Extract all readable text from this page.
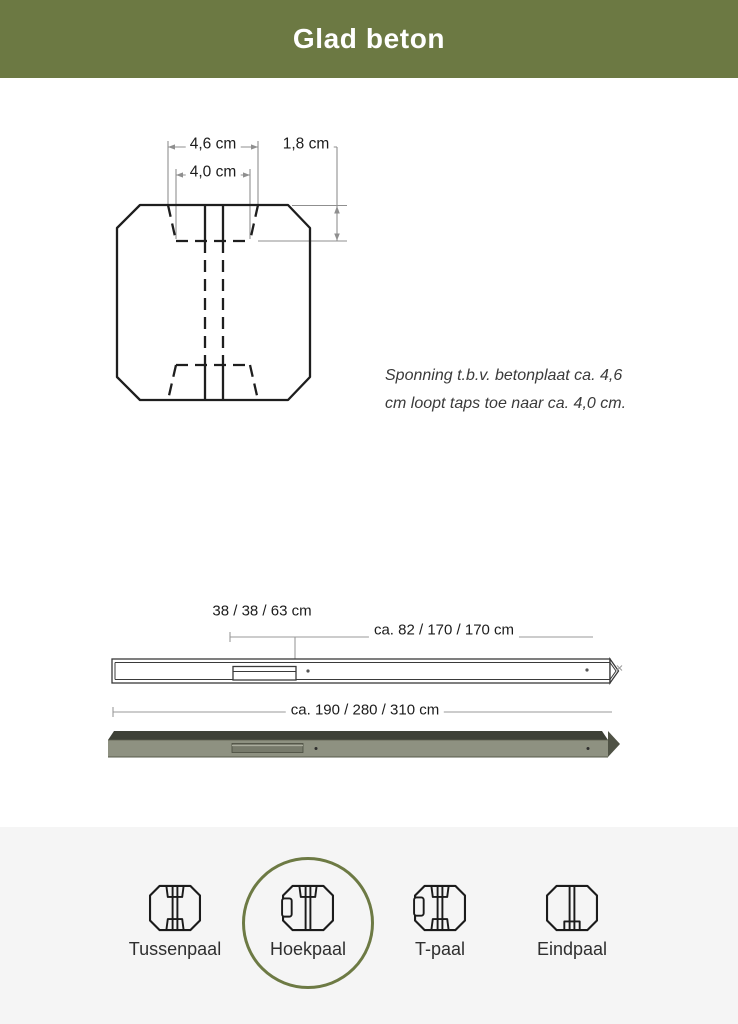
Glad beton
4,6 cm
4,0 cm
1,8 cm
Sponning t.b.v. betonplaat ca. 4,6 cm loopt taps toe naar ca. 4,0 cm.
38 / 38 / 63 cm
ca. 82 / 170 / 170 cm
ca. 190 / 280 / 310 cm
Tussenpaal	Hoekpaal	T-paal	Eindpaal
